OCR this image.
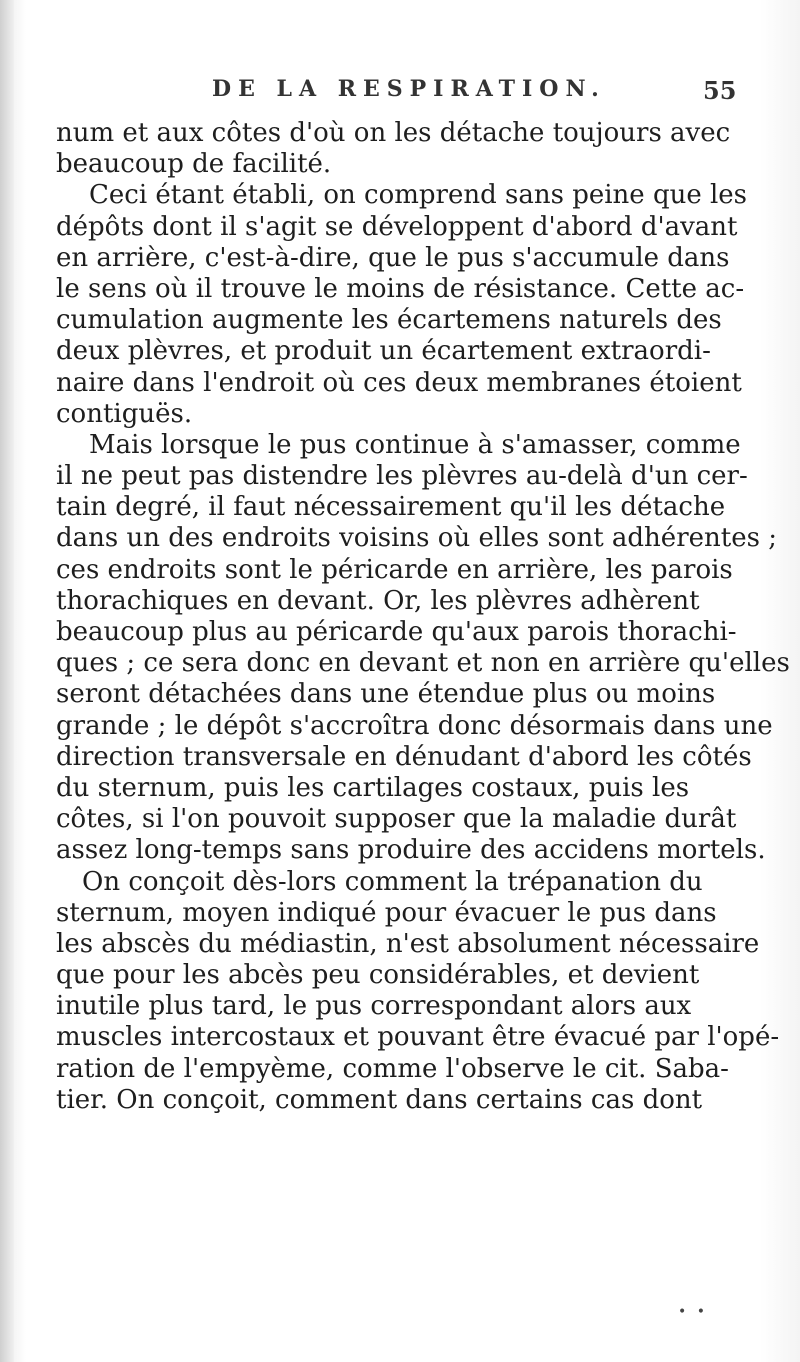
DE LA RESPIRATION.	55
num et aux côtes d'où on les détache toujours avec
beaucoup de facilité.
Ceci étant établi, on comprend sans peine que les
dépôts dont il s'agit se développent d'abord d'avant
en arrière, c'est-à-dire, que le pus s'accumule dans
le sens où il trouve le moins de résistance. Cette ac-
cumulation augmente les écartemens naturels des
deux plèvres, et produit un écartement extraordi-
naire dans l'endroit où ces deux membranes étoient
contiguës.
Mais lorsque le pus continue à s'amasser, comme
il ne peut pas distendre les plèvres au-delà d'un cer-
tain degré, il faut nécessairement qu'il les détache
dans un des endroits voisins où elles sont adhérentes ;
ces endroits sont le péricarde en arrière, les parois
thorachiques en devant. Or, les plèvres adhèrent
beaucoup plus au péricarde qu'aux parois thorachi-
ques ; ce sera donc en devant et non en arrière qu'elles
seront détachées dans une étendue plus ou moins
grande ; le dépôt s'accroîtra donc désormais dans une
direction transversale en dénudant d'abord les côtés
du sternum, puis les cartilages costaux, puis les
côtes, si l'on pouvoit supposer que la maladie durât
assez long-temps sans produire des accidens mortels.
On conçoit dès-lors comment la trépanation du
sternum, moyen indiqué pour évacuer le pus dans
les abscès du médiastin, n'est absolument nécessaire
que pour les abcès peu considérables, et devient
inutile plus tard, le pus correspondant alors aux
muscles intercostaux et pouvant être évacué par l'opé-
ration de l'empyème, comme l'observe le cit. Saba-
tier. On conçoit, comment dans certains cas dont
• •
